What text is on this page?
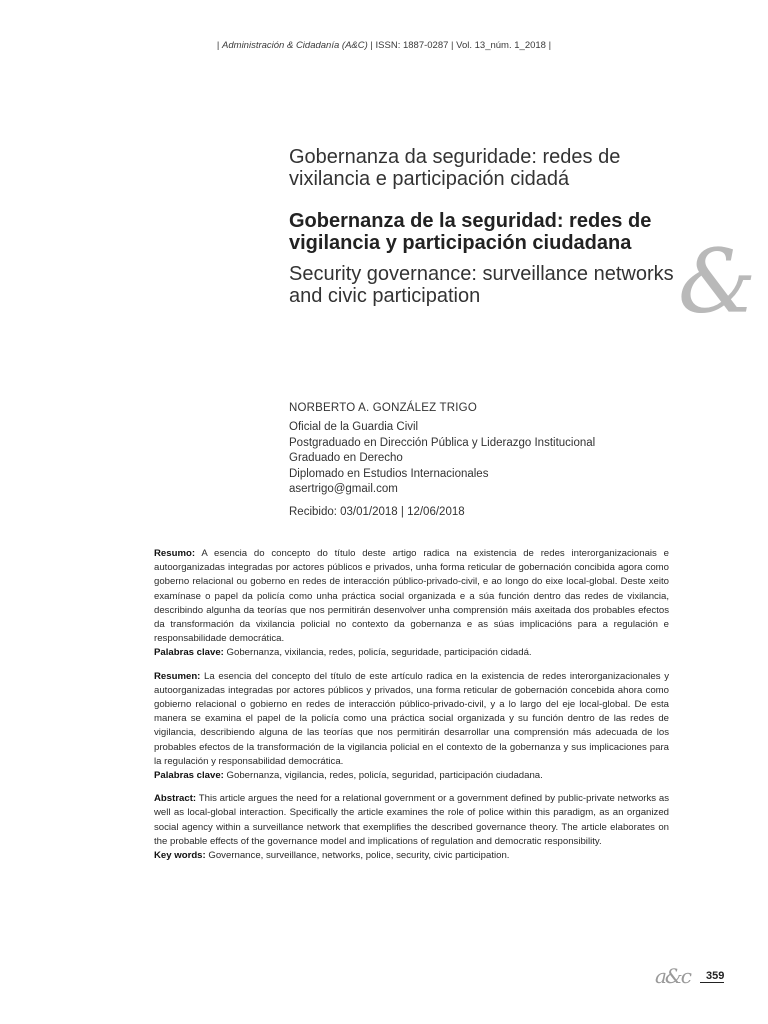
| Administración & Cidadanía (A&C) | ISSN: 1887-0287 | Vol. 13_núm. 1_2018 |

Gobernanza da seguridade: redes de vixilancia e participación cidadá

Gobernanza de la seguridad: redes de vigilancia y participación ciudadana

Security governance: surveillance networks and civic participation	&
NORBERTO A. GONZÁLEZ TRIGO
Oficial de la Guardia Civil
Postgraduado en Dirección Pública y Liderazgo Institucional
Graduado en Derecho
Diplomado en Estudios Internacionales
asertrigo@gmail.com
Recibido: 03/01/2018 | 12/06/2018

Resumo: A esencia do concepto do título deste artigo radica na existencia de redes interorganizacionais e autoorganizadas integradas por actores públicos e privados, unha forma reticular de gobernación concibida agora como goberno relacional ou goberno en redes de interacción público-privado-civil, e ao longo do eixe local-global. Deste xeito examínase o papel da policía como unha práctica social organizada e a súa función dentro das redes de vixilancia, describindo algunha da teorías que nos permitirán desenvolver unha comprensión máis axeitada dos probables efectos da transformación da vixilancia policial no contexto da gobernanza e as súas implicacións para a regulación e responsabilidade democrática.

Palabras clave: Gobernanza, vixilancia, redes, policía, seguridade, participación cidadá.

Resumen: La esencia del concepto del título de este artículo radica en la existencia de redes interorganizacionales y autoorganizadas integradas por actores públicos y privados, una forma reticular de gobernación concebida ahora como gobierno relacional o gobierno en redes de interacción público-privado-civil, y a lo largo del eje local-global. De esta manera se examina el papel de la policía como una práctica social organizada y su función dentro de las redes de vigilancia, describiendo alguna de las teorías que nos permitirán desarrollar una comprensión más adecuada de los probables efectos de la transformación de la vigilancia policial en el contexto de la gobernanza y sus implicaciones para la regulación y responsabilidad democrática.

Palabras clave: Gobernanza, vigilancia, redes, policía, seguridad, participación ciudadana.

Abstract: This article argues the need for a relational government or a government defined by public-private networks as well as local-global interaction. Specifically the article examines the role of police within this paradigm, as an organized social agency within a surveillance network that exemplifies the described governance theory. The article elaborates on the probable effects of the governance model and implications of regulation and democratic responsibility.

Key words: Governance, surveillance, networks, police, security, civic participation.

a&c	359
